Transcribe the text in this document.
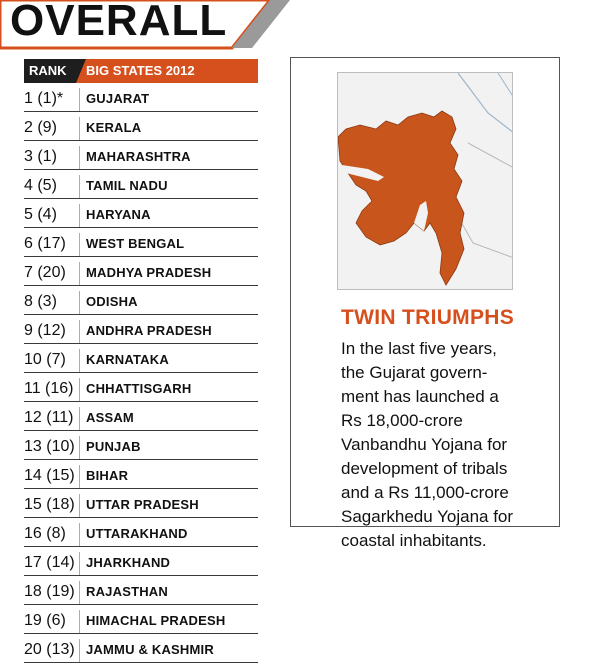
OVERALL
RANK	BIG STATES 2012
1 (1)*	GUJARAT
2 (9)	KERALA
3 (1)	MAHARASHTRA
4 (5)	TAMIL NADU
5 (4)	HARYANA
6 (17)	WEST BENGAL
7 (20)	MADHYA PRADESH
8 (3)	ODISHA
9 (12)	ANDHRA PRADESH
10 (7)	KARNATAKA
11 (16) CHHATTISGARH
12 (11) ASSAM
13 (10) PUNJAB
14 (15) BIHAR
15 (18) UTTAR PRADESH
16 (8)	UTTARAKHAND
17 (14) JHARKHAND
18 (19) RAJASTHAN
19 (6)	HIMACHAL PRADESH
20 (13) JAMMU & KASHMIR
TWIN TRIUMPHS
In the last five years,
the Gujarat govern-
ment has launched a
Rs 18,000-crore
Vanbandhu Yojana for
development of tribals
and a Rs 11,000-crore
Sagarkhedu Yojana for
coastal inhabitants.
